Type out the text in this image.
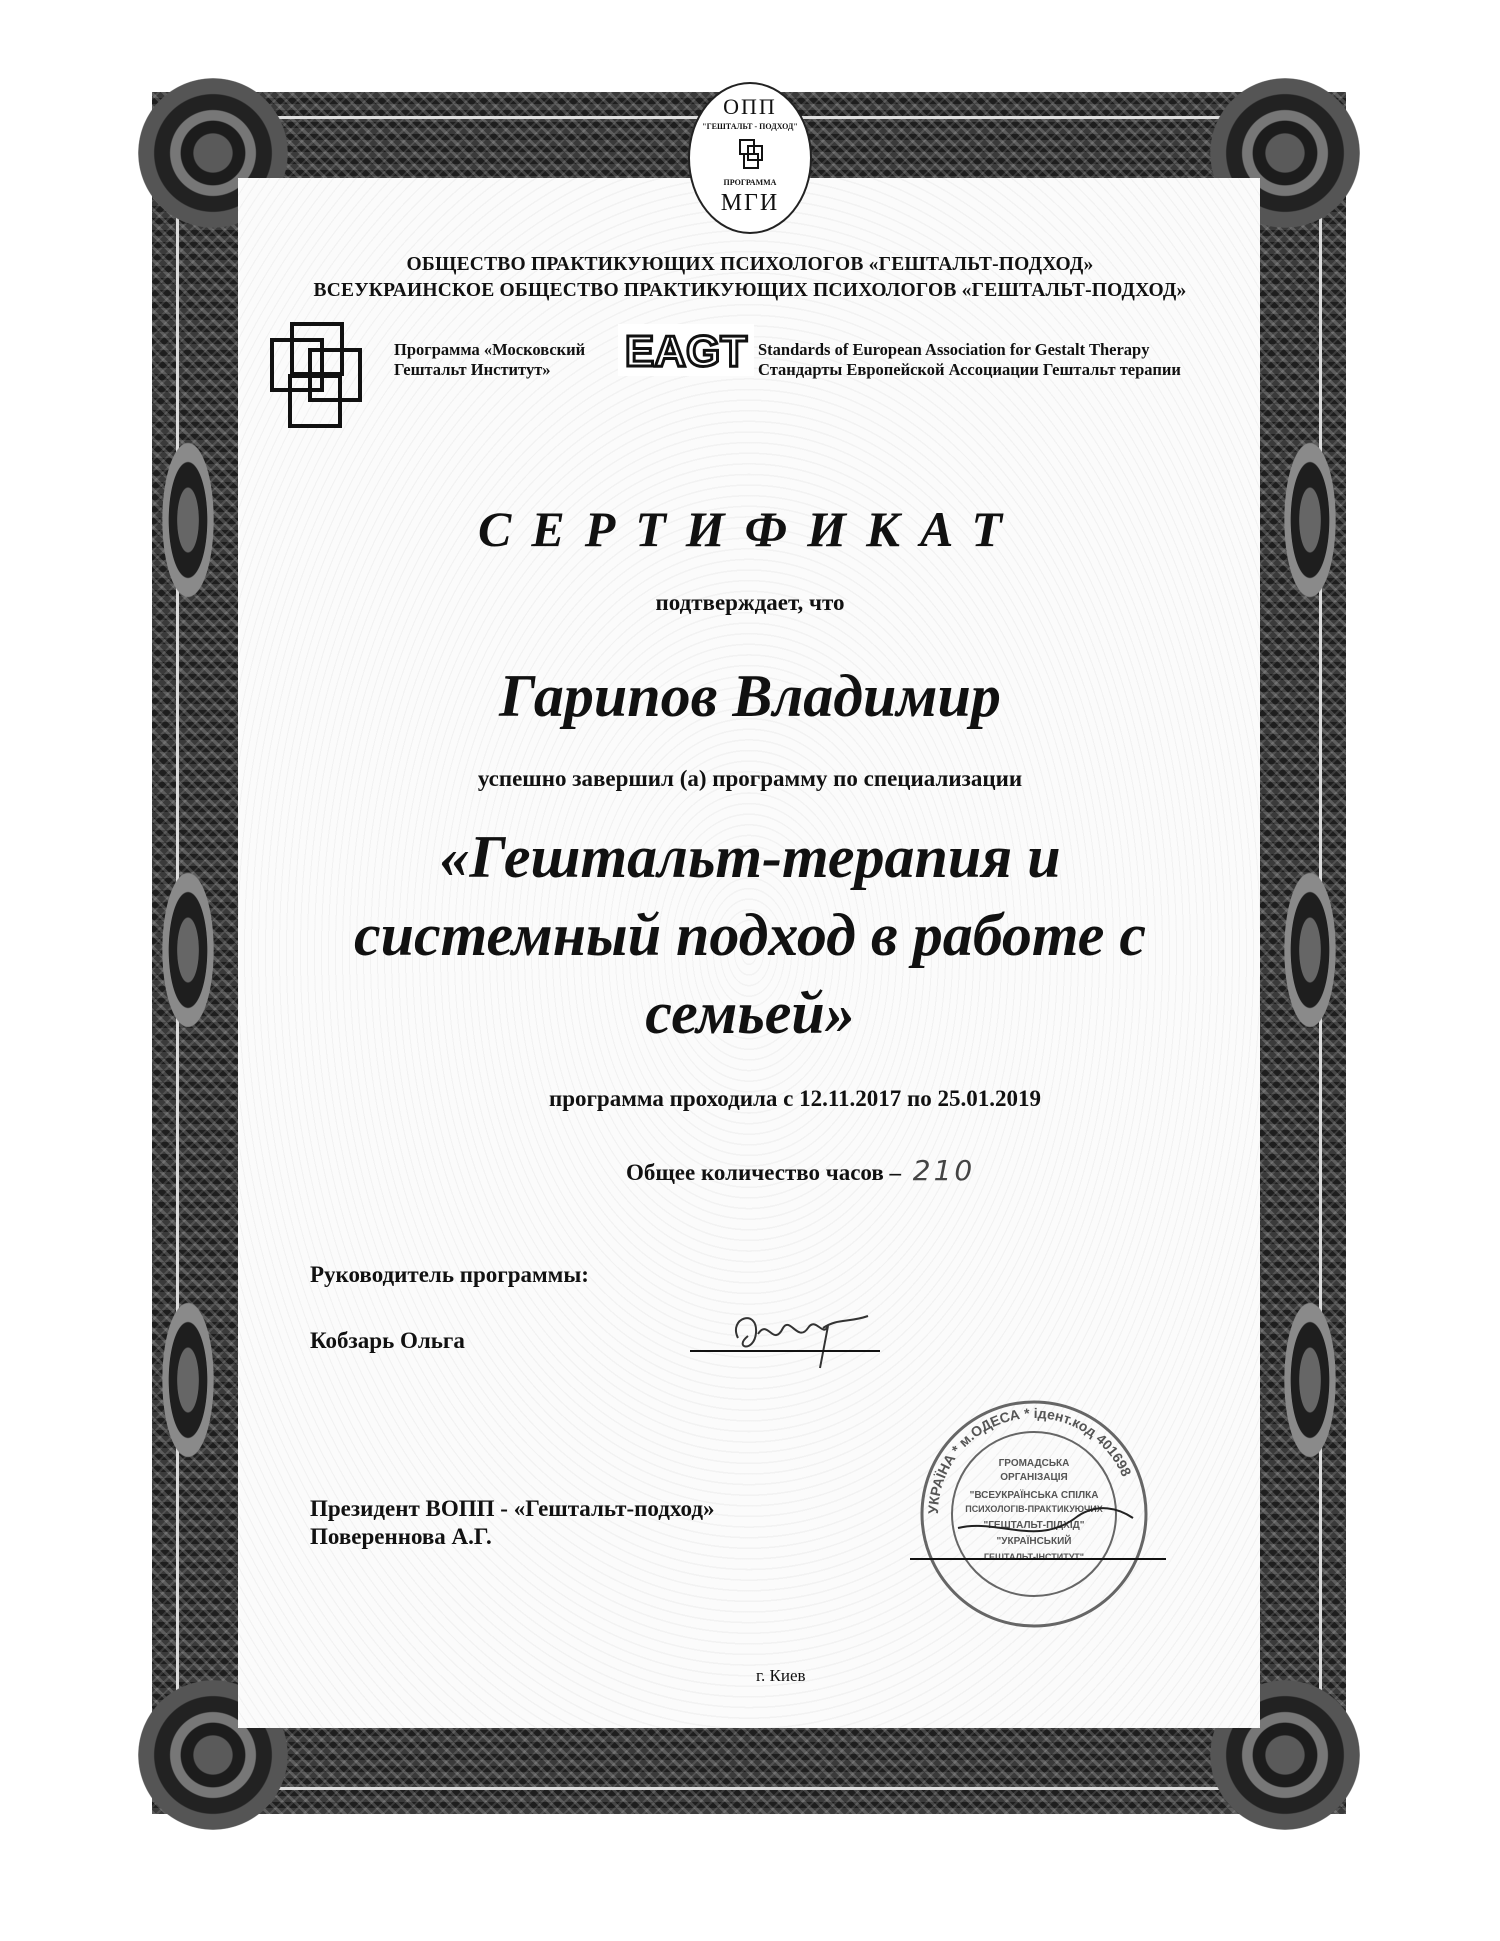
ОПП
"ГЕШТАЛЬТ - ПОДХОД"
ПРОГРАММА
МГИ
ОБЩЕСТВО ПРАКТИКУЮЩИХ ПСИХОЛОГОВ «ГЕШТАЛЬТ-ПОДХОД»
ВСЕУКРАИНСКОЕ ОБЩЕСТВО ПРАКТИКУЮЩИХ ПСИХОЛОГОВ «ГЕШТАЛЬТ-ПОДХОД»
Программа «Московский
Гештальт Институт»	EAGT Standards of European Association for Gestalt Therapy
Стандарты Европейской Ассоциации Гештальт терапии
СЕРТИФИКАТ
подтверждает, что
Гарипов Владимир
успешно завершил (а) программу по специализации
«Гештальт-терапия и
системный подход в работе с
семьей»
программа проходила с 12.11.2017 по 25.01.2019
Общее количество часов – 210
Руководитель программы:
Кобзарь Ольга
Президент ВОПП - «Гештальт-подход»
Повереннова А.Г.
УКРАЇНА * м.ОДЕСА * ідент.код 401698
ГРОМАДСЬКА
ОРГАНІЗАЦІЯ
"ВСЕУКРАЇНСЬКА СПІЛКА
ПСИХОЛОГІВ-ПРАКТИКУЮЧИХ
"ГЕШТАЛЬТ-ПІДХІД"
"УКРАЇНСЬКИЙ
ГЕШТАЛЬТ-ІНСТИТУТ"
г. Киев
